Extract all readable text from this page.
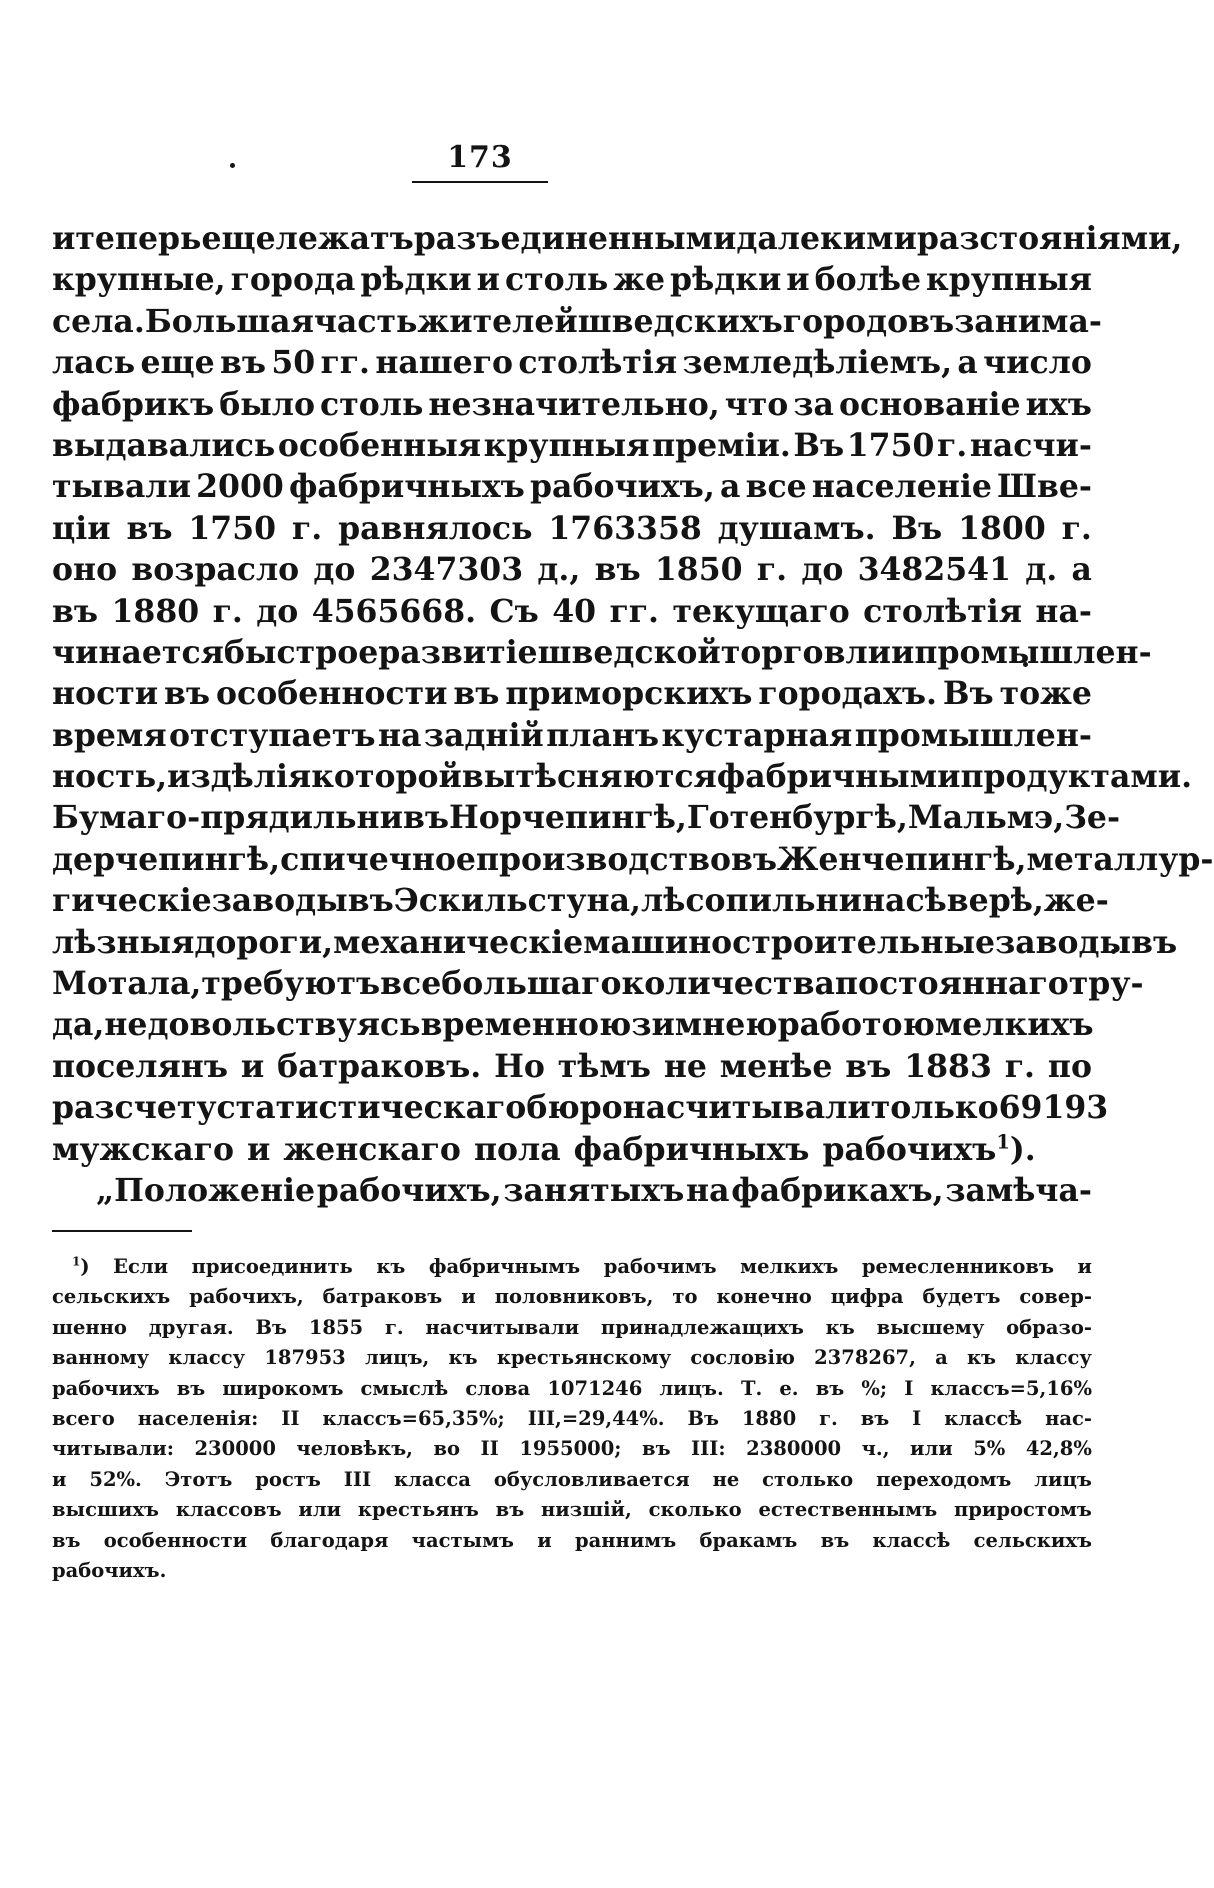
173
и теперь еще лежатъ разъединенными далекими разстояніями,
крупные, города рѣдки и столь же рѣдки и болѣе крупныя
села. Большая часть жителей шведскихъ городовъ занима-
лась еще въ 50 гг. нашего столѣтія земледѣліемъ, а число
фабрикъ было столь незначительно, что за основаніе ихъ
выдавались особенныя крупныя преміи. Въ 1750 г. насчи-
тывали 2000 фабричныхъ рабочихъ, а все населеніе Шве-
ціи въ 1750 г. равнялось 1763358 душамъ. Въ 1800 г.
оно возрасло до 2347303 д., въ 1850 г. до 3482541 д. а
въ 1880 г. до 4565668. Съ 40 гг. текущаго столѣтія на-
чинается быстрое развитіе шведской торговли и промышлен-
ности въ особенности въ приморскихъ городахъ. Въ тоже
время отступаетъ на задній планъ кустарная промышлен-
ность, издѣлія которой вытѣсняются фабричными продуктами.
Бумаго-прядильни въ Норчепингѣ, Готенбургѣ, Мальмэ, Зе-
дерчепингѣ, спичечное производство въ Женчепингѣ, металлур-
гическіе заводы въ Эскильстуна, лѣсопильни на сѣверѣ, же-
лѣзныя дороги, механическіе машиностроительные заводы въ
Мотала, требуютъ все большаго количества постояннаго тру-
да, не довольствуясь временною зимнею работою мелкихъ
поселянъ и батраковъ. Но тѣмъ не менѣе въ 1883 г. по
разсчету статистическаго бюро насчитывали только 69193
мужскаго и женскаго пола фабричныхъ рабочихъ$^1$).
„Положеніе рабочихъ, занятыхъ на фабрикахъ, замѣча-
$^1$) Если присоединить къ фабричнымъ рабочимъ мелкихъ ремесленниковъ и
сельскихъ рабочихъ, батраковъ и половниковъ, то конечно цифра будетъ совер-
шенно другая. Въ 1855 г. насчитывали принадлежащихъ къ высшему образо-
ванному классу 187953 лицъ, къ крестьянскому сословію 2378267, а къ классу
рабочихъ въ широкомъ смыслѣ слова 1071246 лицъ. Т. е. въ %; I классъ=5,16%
всего населенія: II классъ=65,35%; III,=29,44%. Въ 1880 г. въ I классѣ нас-
читывали: 230000 человѣкъ, во II 1955000; въ III: 2380000 ч., или 5% 42,8%
и 52%. Этотъ ростъ III класса обусловливается не столько переходомъ лицъ
высшихъ классовъ или крестьянъ въ низшій, сколько естественнымъ приростомъ
въ особенности благодаря частымъ и раннимъ бракамъ въ классѣ сельскихъ
рабочихъ.
